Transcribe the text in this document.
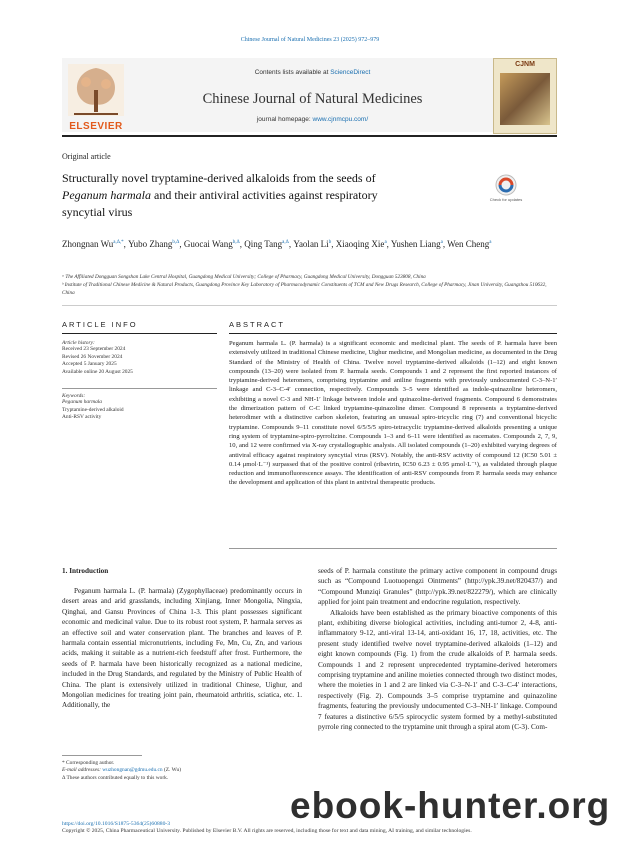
Chinese Journal of Natural Medicines 23 (2025) 972–979
ELSEVIER
Contents lists available at ScienceDirect
Chinese Journal of Natural Medicines
journal homepage: www.cjnmcpu.com/
CJNM
Original article
Structurally novel tryptamine-derived alkaloids from the seeds of
Peganum harmala and their antiviral activities against respiratory
syncytial virus
Check for updates
Zhongnan $Wu^{a,\Delta,*}$, Yubo Zhang$^{b,\Delta}$, Guocai Wang$^{b,\Delta}$, Qing Tang$^{a,\Delta}$, Yaolan Li$^b$, Xiaoqing Xie$^a$, Yushen Liang$^a$, Wen Cheng$^a$
ᵃ The Affiliated Dongguan Songshan Lake Central Hospital, Guangdong Medical University; College of Pharmacy, Guangdong Medical University, Dongguan 523808, China
ᵇ Institute of Traditional Chinese Medicine & Natural Products, Guangdong Province Key Laboratory of Pharmacodynamic Constituents of TCM and New Drugs Research, College of Pharmacy, Jinan University, Guangzhou 510632, China
ARTICLE INFO
Article history:
Received 23 September 2024
Revised 26 November 2024
Accepted 5 January 2025
Available online 20 August 2025
Keywords:
Peganum harmala
Tryptamine-derived alkaloid
Anti-RSV activity
ABSTRACT
Peganum harmala L. (P. harmala) is a significant economic and medicinal plant. The seeds of P. harmala have been extensively utilized in traditional Chinese medicine, Uighur medicine, and Mongolian medicine, as documented in the Drug Standard of the Ministry of Health of China. Twelve novel tryptamine-derived alkaloids (1–12) and eight known compounds (13–20) were isolated from P. harmala seeds. Compounds 1 and 2 represent the first reported instances of tryptamine-derived heteromers, comprising tryptamine and aniline fragments with previously undocumented C-3–N-1′ linkage and C-3–C-4′ connection, respectively. Compounds 3–5 were identified as indole-quinazoline heteromers, exhibiting a novel C-3 and NH-1′ linkage between indole and quinazoline-derived fragments. Compound 6 demonstrates the dimerization pattern of C-C linked tryptamine-quinazoline dimer. Compound 8 represents a tryptamine-derived heterodimer with a distinctive carbon skeleton, featuring an unusual spiro-tricyclic ring (7) and conventional bicyclic tryptamine. Compounds 9–11 constitute novel 6/5/5/5 spiro-tetracyclic tryptamine-derived alkaloids presenting a unique ring system of tryptamine-spiro-pyrrolizine. Compounds 1–3 and 6–11 were identified as racemates. Compounds 2, 7, 9, 10, and 12 were confirmed via X-ray crystallographic analysis. All isolated compounds (1–20) exhibited varying degrees of antiviral efficacy against respiratory syncytial virus (RSV). Notably, the anti-RSV activity of compound 12 (IC50 5.01 ± 0.14 μmol·L⁻¹) surpassed that of the positive control (ribavirin, IC50 6.23 ± 0.95 μmol·L⁻¹), as validated through plaque reduction and immunofluorescence assays. The identification of anti-RSV compounds from P. harmala seeds may enhance the development and application of this plant in antiviral therapeutic products.
1. Introduction
Peganum harmala L. (P. harmala) (Zygophyllaceae) predominantly occurs in desert areas and arid grasslands, including Xinjiang, Inner Mongolia, Ningxia, Qinghai, and Gansu Provinces of China 1-3. This plant possesses significant economic and medicinal value. Due to its robust root system, P. harmala serves as an effective soil and water conservation plant. The branches and leaves of P. harmala contain essential micronutrients, including Fe, Mn, Cu, Zn, and various acids, making it suitable as a nutrient-rich feedstuff after frost. Furthermore, the seeds of P. harmala have been historically recognized as a national medicine, included in the Drug Standards, and regulated by the Ministry of Public Health of China. The plant is extensively utilized in traditional Chinese, Uighur, and Mongolian medicines for treating joint pain, rheumatoid arthritis, sciatica, etc. 1. Additionally, the
seeds of P. harmala constitute the primary active component in compound drugs such as “Compound Luotuopengzi Ointments” (http://ypk.39.net/820437/) and “Compound Munziqi Granules” (http://ypk.39.net/822279/), which are clinically applied for joint pain treatment and endocrine regulation, respectively.
Alkaloids have been established as the primary bioactive components of this plant, exhibiting diverse biological activities, including anti-tumor 2, 4-8, anti-inflammatory 9-12, anti-viral 13-14, anti-oxidant 16, 17, 18, activities, etc. The present study identified twelve novel tryptamine-derived alkaloids (1–12) and eight known compounds (Fig. 1) from the crude alkaloids of P. harmala seeds. Compounds 1 and 2 represent unprecedented tryptamine-derived heteromers comprising tryptamine and aniline moieties connected through two distinct modes, where the moieties in 1 and 2 are linked via C-3–N-1′ and C-3–C-4′ interactions, respectively (Fig. 2). Compounds 3–5 comprise tryptamine and quinazoline fragments, featuring the previously undocumented C-3–NH-1′ linkage. Compound 7 features a distinctive 6/5/5 spirocyclic system formed by a methyl-substituted pyrrole ring connected to the tryptamine unit through a spiral atom (C-3). Com-
* Corresponding author.
E-mail addresses: wuzhongnan@gdmu.edu.cn (Z. Wu)
Δ These authors contributed equally to this work.
https://doi.org/10.1016/S1875-5364(25)60880-3
Copyright © 2025, China Pharmaceutical University. Published by Elsevier B.V. All rights are reserved, including those for text and data mining, AI training, and similar technologies.
ebook-hunter.org
